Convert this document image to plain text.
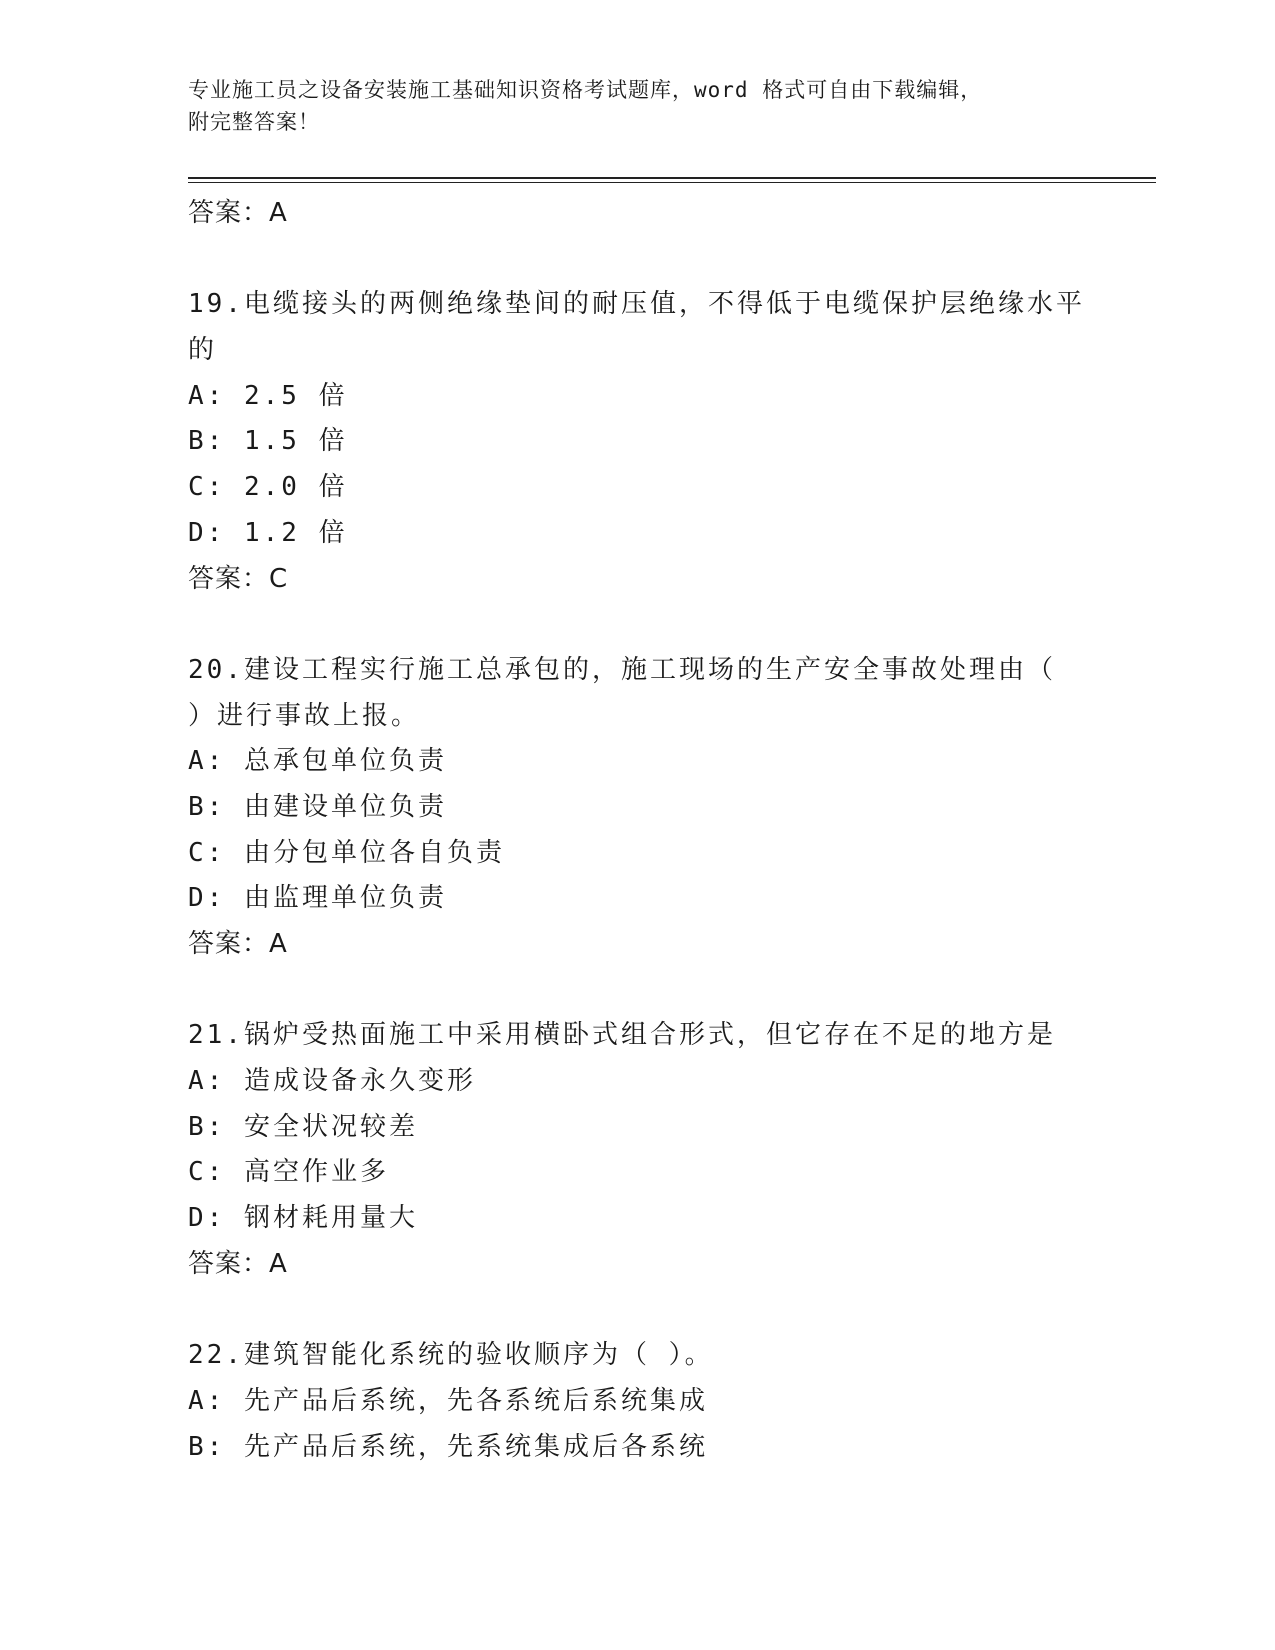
专业施工员之设备安装施工基础知识资格考试题库，word 格式可自由下载编辑，
附完整答案！
答案：A
19.电缆接头的两侧绝缘垫间的耐压值，不得低于电缆保护层绝缘水平
的
A: 2.5 倍
B: 1.5 倍
C: 2.0 倍
D: 1.2 倍
答案：C
20.建设工程实行施工总承包的，施工现场的生产安全事故处理由（
）进行事故上报。
A: 总承包单位负责
B: 由建设单位负责
C: 由分包单位各自负责
D: 由监理单位负责
答案：A
21.锅炉受热面施工中采用横卧式组合形式，但它存在不足的地方是
A: 造成设备永久变形
B: 安全状况较差
C: 高空作业多
D: 钢材耗用量大
答案：A
22.建筑智能化系统的验收顺序为（ ）。
A: 先产品后系统，先各系统后系统集成
B: 先产品后系统，先系统集成后各系统
